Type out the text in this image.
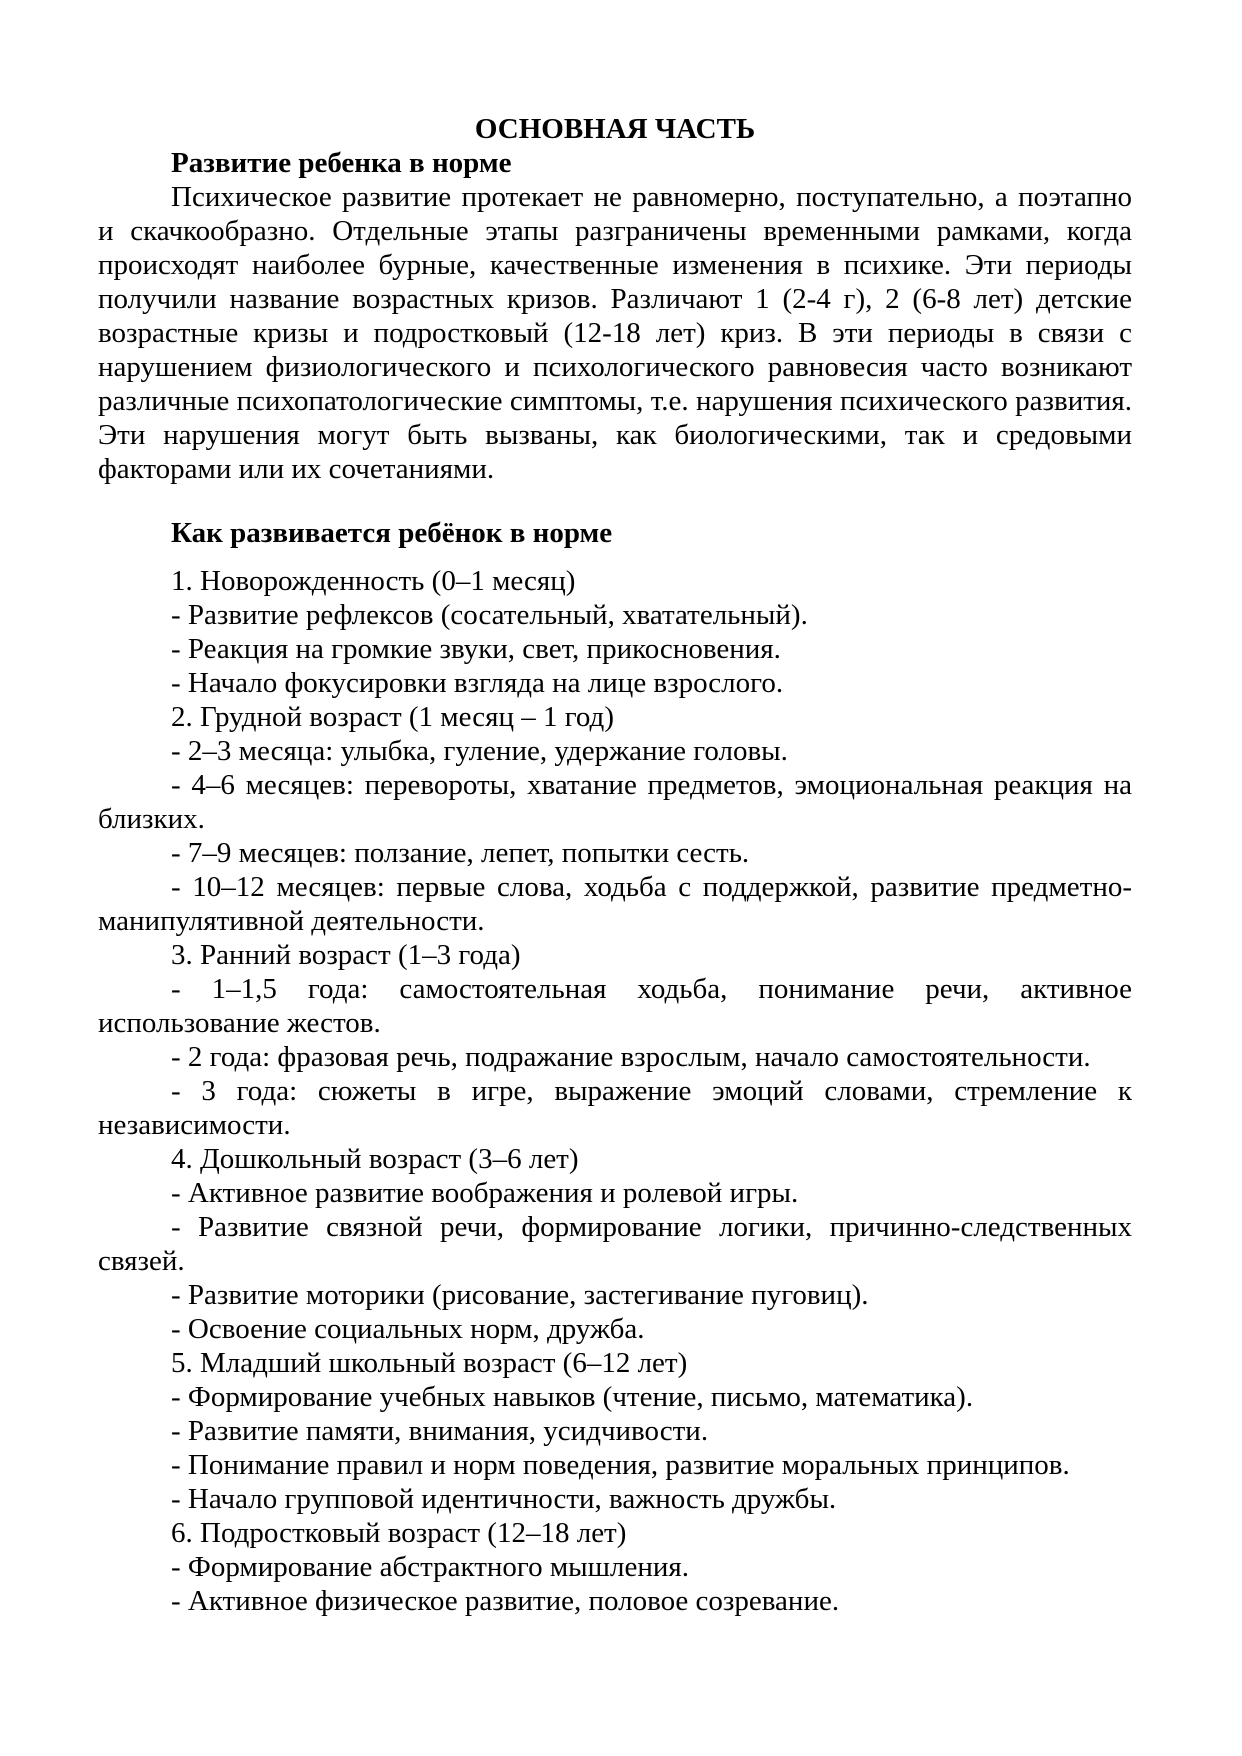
ОСНОВНАЯ ЧАСТЬ
Развитие ребенка в норме

Психическое развитие протекает не равномерно, поступательно, а поэтапно и скачкообразно. Отдельные этапы разграничены временными рамками, когда происходят наиболее бурные, качественные изменения в психике. Эти периоды получили название возрастных кризов. Различают 1 (2-4 г), 2 (6-8 лет) детские возрастные кризы и подростковый (12-18 лет) криз. В эти периоды в связи с нарушением физиологического и психологического равновесия часто возникают различные психопатологические симптомы, т.е. нарушения психического развития. Эти нарушения могут быть вызваны, как биологическими, так и средовыми факторами или их сочетаниями.

Как развивается ребёнок в норме

1. Новорожденность (0–1 месяц)

- Развитие рефлексов (сосательный, хватательный).

- Реакция на громкие звуки, свет, прикосновения.

- Начало фокусировки взгляда на лице взрослого.

2. Грудной возраст (1 месяц – 1 год)

- 2–3 месяца: улыбка, гуление, удержание головы.

- 4–6 месяцев: перевороты, хватание предметов, эмоциональная реакция на близких.

- 7–9 месяцев: ползание, лепет, попытки сесть.

- 10–12 месяцев: первые слова, ходьба с поддержкой, развитие предметно-манипулятивной деятельности.

3. Ранний возраст (1–3 года)

- 1–1,5 года: самостоятельная ходьба, понимание речи, активное использование жестов.

- 2 года: фразовая речь, подражание взрослым, начало самостоятельности.

- 3 года: сюжеты в игре, выражение эмоций словами, стремление к независимости.

4. Дошкольный возраст (3–6 лет)

- Активное развитие воображения и ролевой игры.

- Развитие связной речи, формирование логики, причинно-следственных связей.

- Развитие моторики (рисование, застегивание пуговиц).

- Освоение социальных норм, дружба.

5. Младший школьный возраст (6–12 лет)

- Формирование учебных навыков (чтение, письмо, математика).

- Развитие памяти, внимания, усидчивости.

- Понимание правил и норм поведения, развитие моральных принципов.

- Начало групповой идентичности, важность дружбы.

6. Подростковый возраст (12–18 лет)

- Формирование абстрактного мышления.

- Активное физическое развитие, половое созревание.
